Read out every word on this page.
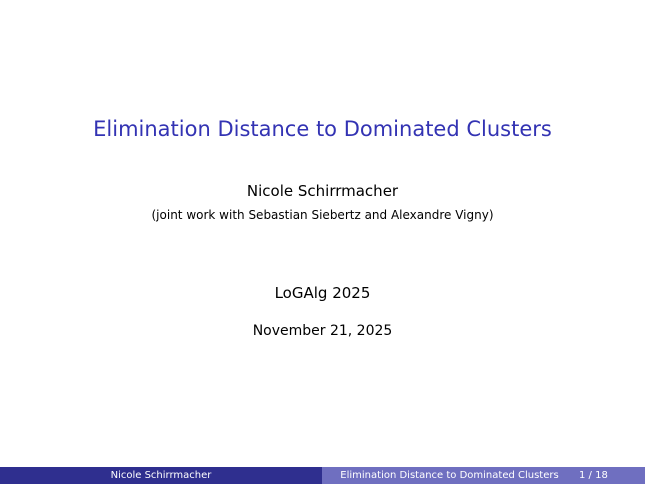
Elimination Distance to Dominated Clusters
Nicole Schirrmacher
(joint work with Sebastian Siebertz and Alexandre Vigny)
LoGAlg 2025
November 21, 2025
Nicole Schirrmacher	Elimination Distance to Dominated Clusters	1 / 18
